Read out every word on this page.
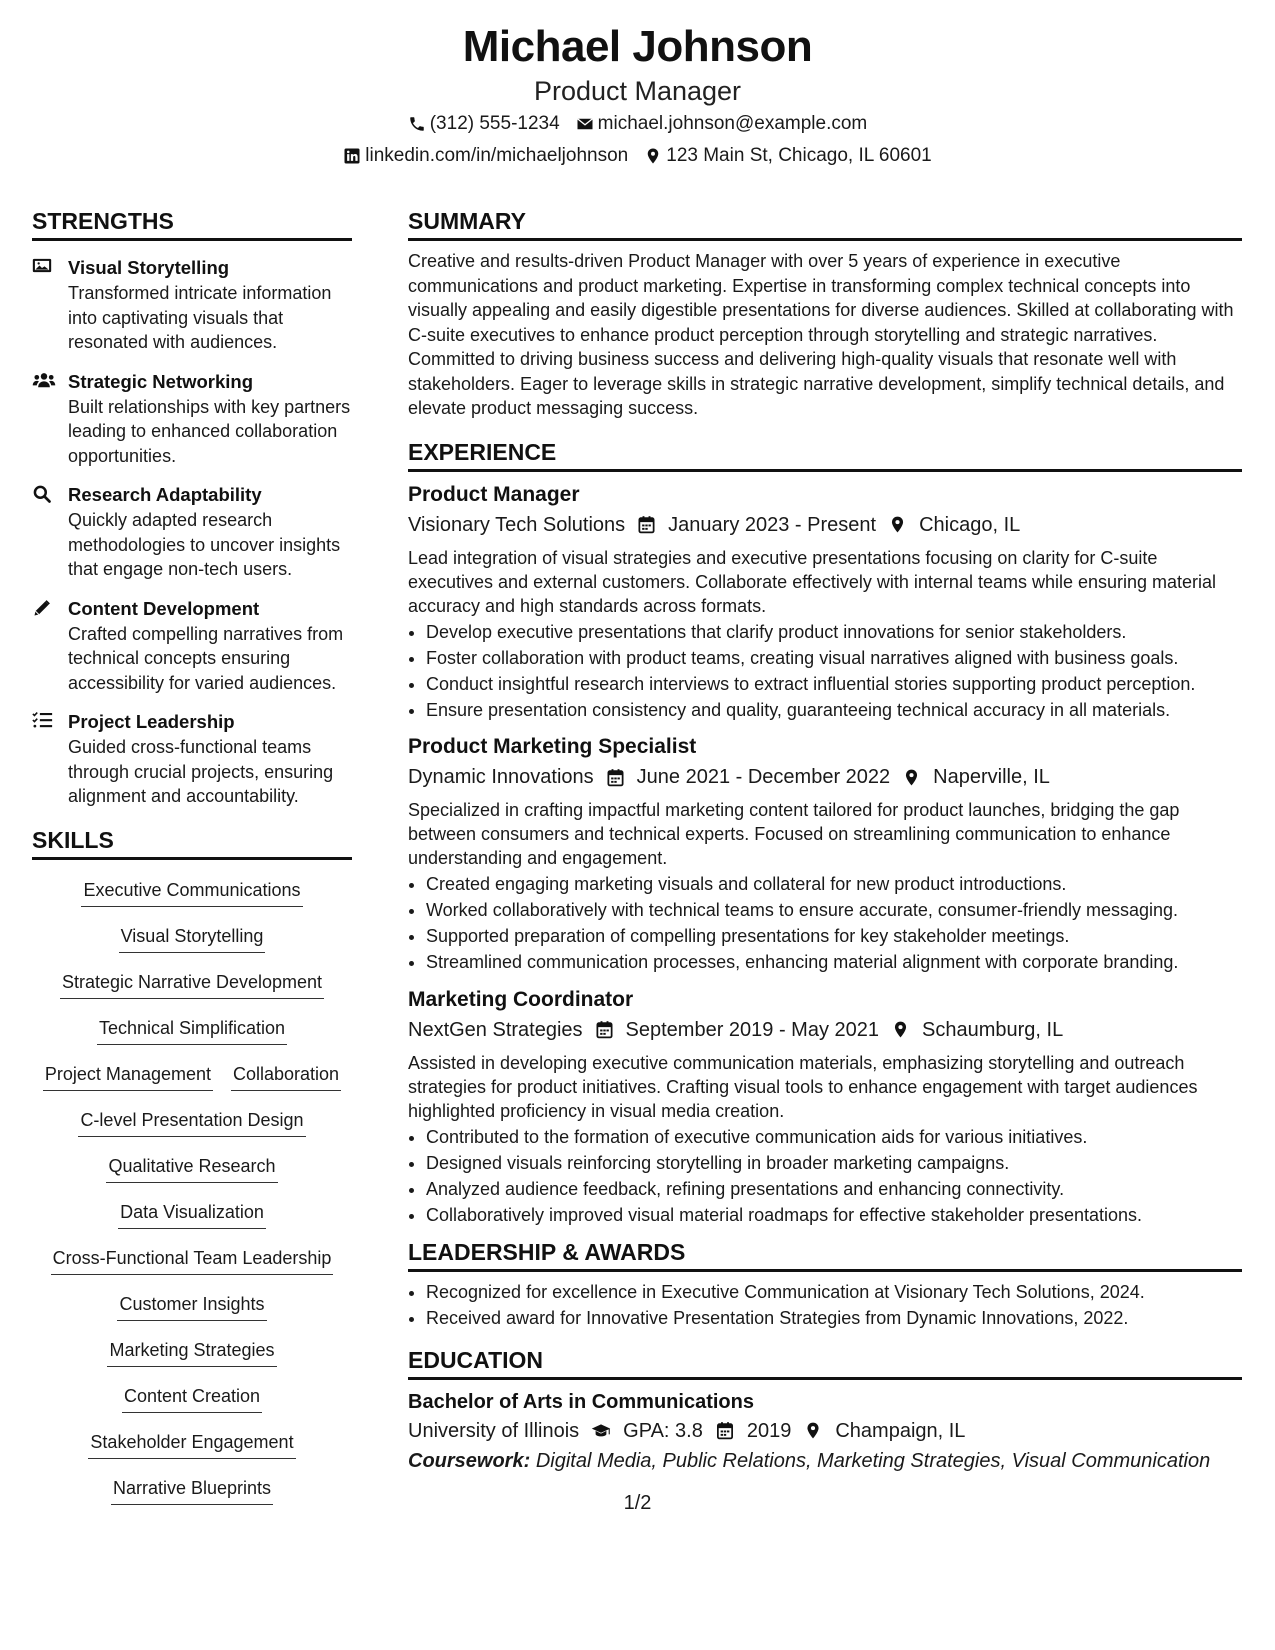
Michael Johnson
Product Manager
(312) 555-1234 michael.johnson@example.com
linkedin.com/in/michaeljohnson 123 Main St, Chicago, IL 60601
STRENGTHS
Visual Storytelling
Transformed intricate information into captivating visuals that resonated with audiences.
Strategic Networking
Built relationships with key partners leading to enhanced collaboration opportunities.
Research Adaptability
Quickly adapted research methodologies to uncover insights that engage non-tech users.
Content Development
Crafted compelling narratives from technical concepts ensuring accessibility for varied audiences.
Project Leadership
Guided cross-functional teams through crucial projects, ensuring alignment and accountability.
SKILLS
Executive Communications
Visual Storytelling
Strategic Narrative Development
Technical Simplification
Project Management Collaboration
C-level Presentation Design
Qualitative Research
Data Visualization
Cross-Functional Team Leadership
Customer Insights
Marketing Strategies
Content Creation
Stakeholder Engagement
Narrative Blueprints
SUMMARY
Creative and results-driven Product Manager with over 5 years of experience in executive communications and product marketing. Expertise in transforming complex technical concepts into visually appealing and easily digestible presentations for diverse audiences. Skilled at collaborating with C-suite executives to enhance product perception through storytelling and strategic narratives. Committed to driving business success and delivering high-quality visuals that resonate well with stakeholders. Eager to leverage skills in strategic narrative development, simplify technical details, and elevate product messaging success.
EXPERIENCE
Product Manager
Visionary Tech Solutions January 2023 - Present Chicago, IL
Lead integration of visual strategies and executive presentations focusing on clarity for C-suite executives and external customers. Collaborate effectively with internal teams while ensuring material accuracy and high standards across formats.
• Develop executive presentations that clarify product innovations for senior stakeholders.
• Foster collaboration with product teams, creating visual narratives aligned with business goals.
• Conduct insightful research interviews to extract influential stories supporting product perception.
• Ensure presentation consistency and quality, guaranteeing technical accuracy in all materials.
Product Marketing Specialist
Dynamic Innovations June 2021 - December 2022 Naperville, IL
Specialized in crafting impactful marketing content tailored for product launches, bridging the gap between consumers and technical experts. Focused on streamlining communication to enhance understanding and engagement.
• Created engaging marketing visuals and collateral for new product introductions.
• Worked collaboratively with technical teams to ensure accurate, consumer-friendly messaging.
• Supported preparation of compelling presentations for key stakeholder meetings.
• Streamlined communication processes, enhancing material alignment with corporate branding.
Marketing Coordinator
NextGen Strategies September 2019 - May 2021 Schaumburg, IL
Assisted in developing executive communication materials, emphasizing storytelling and outreach strategies for product initiatives. Crafting visual tools to enhance engagement with target audiences highlighted proficiency in visual media creation.
• Contributed to the formation of executive communication aids for various initiatives.
• Designed visuals reinforcing storytelling in broader marketing campaigns.
• Analyzed audience feedback, refining presentations and enhancing connectivity.
• Collaboratively improved visual material roadmaps for effective stakeholder presentations.
LEADERSHIP & AWARDS
• Recognized for excellence in Executive Communication at Visionary Tech Solutions, 2024.
• Received award for Innovative Presentation Strategies from Dynamic Innovations, 2022.
EDUCATION
Bachelor of Arts in Communications
University of Illinois GPA: 3.8 2019 Champaign, IL
Coursework: Digital Media, Public Relations, Marketing Strategies, Visual Communication
1/2
